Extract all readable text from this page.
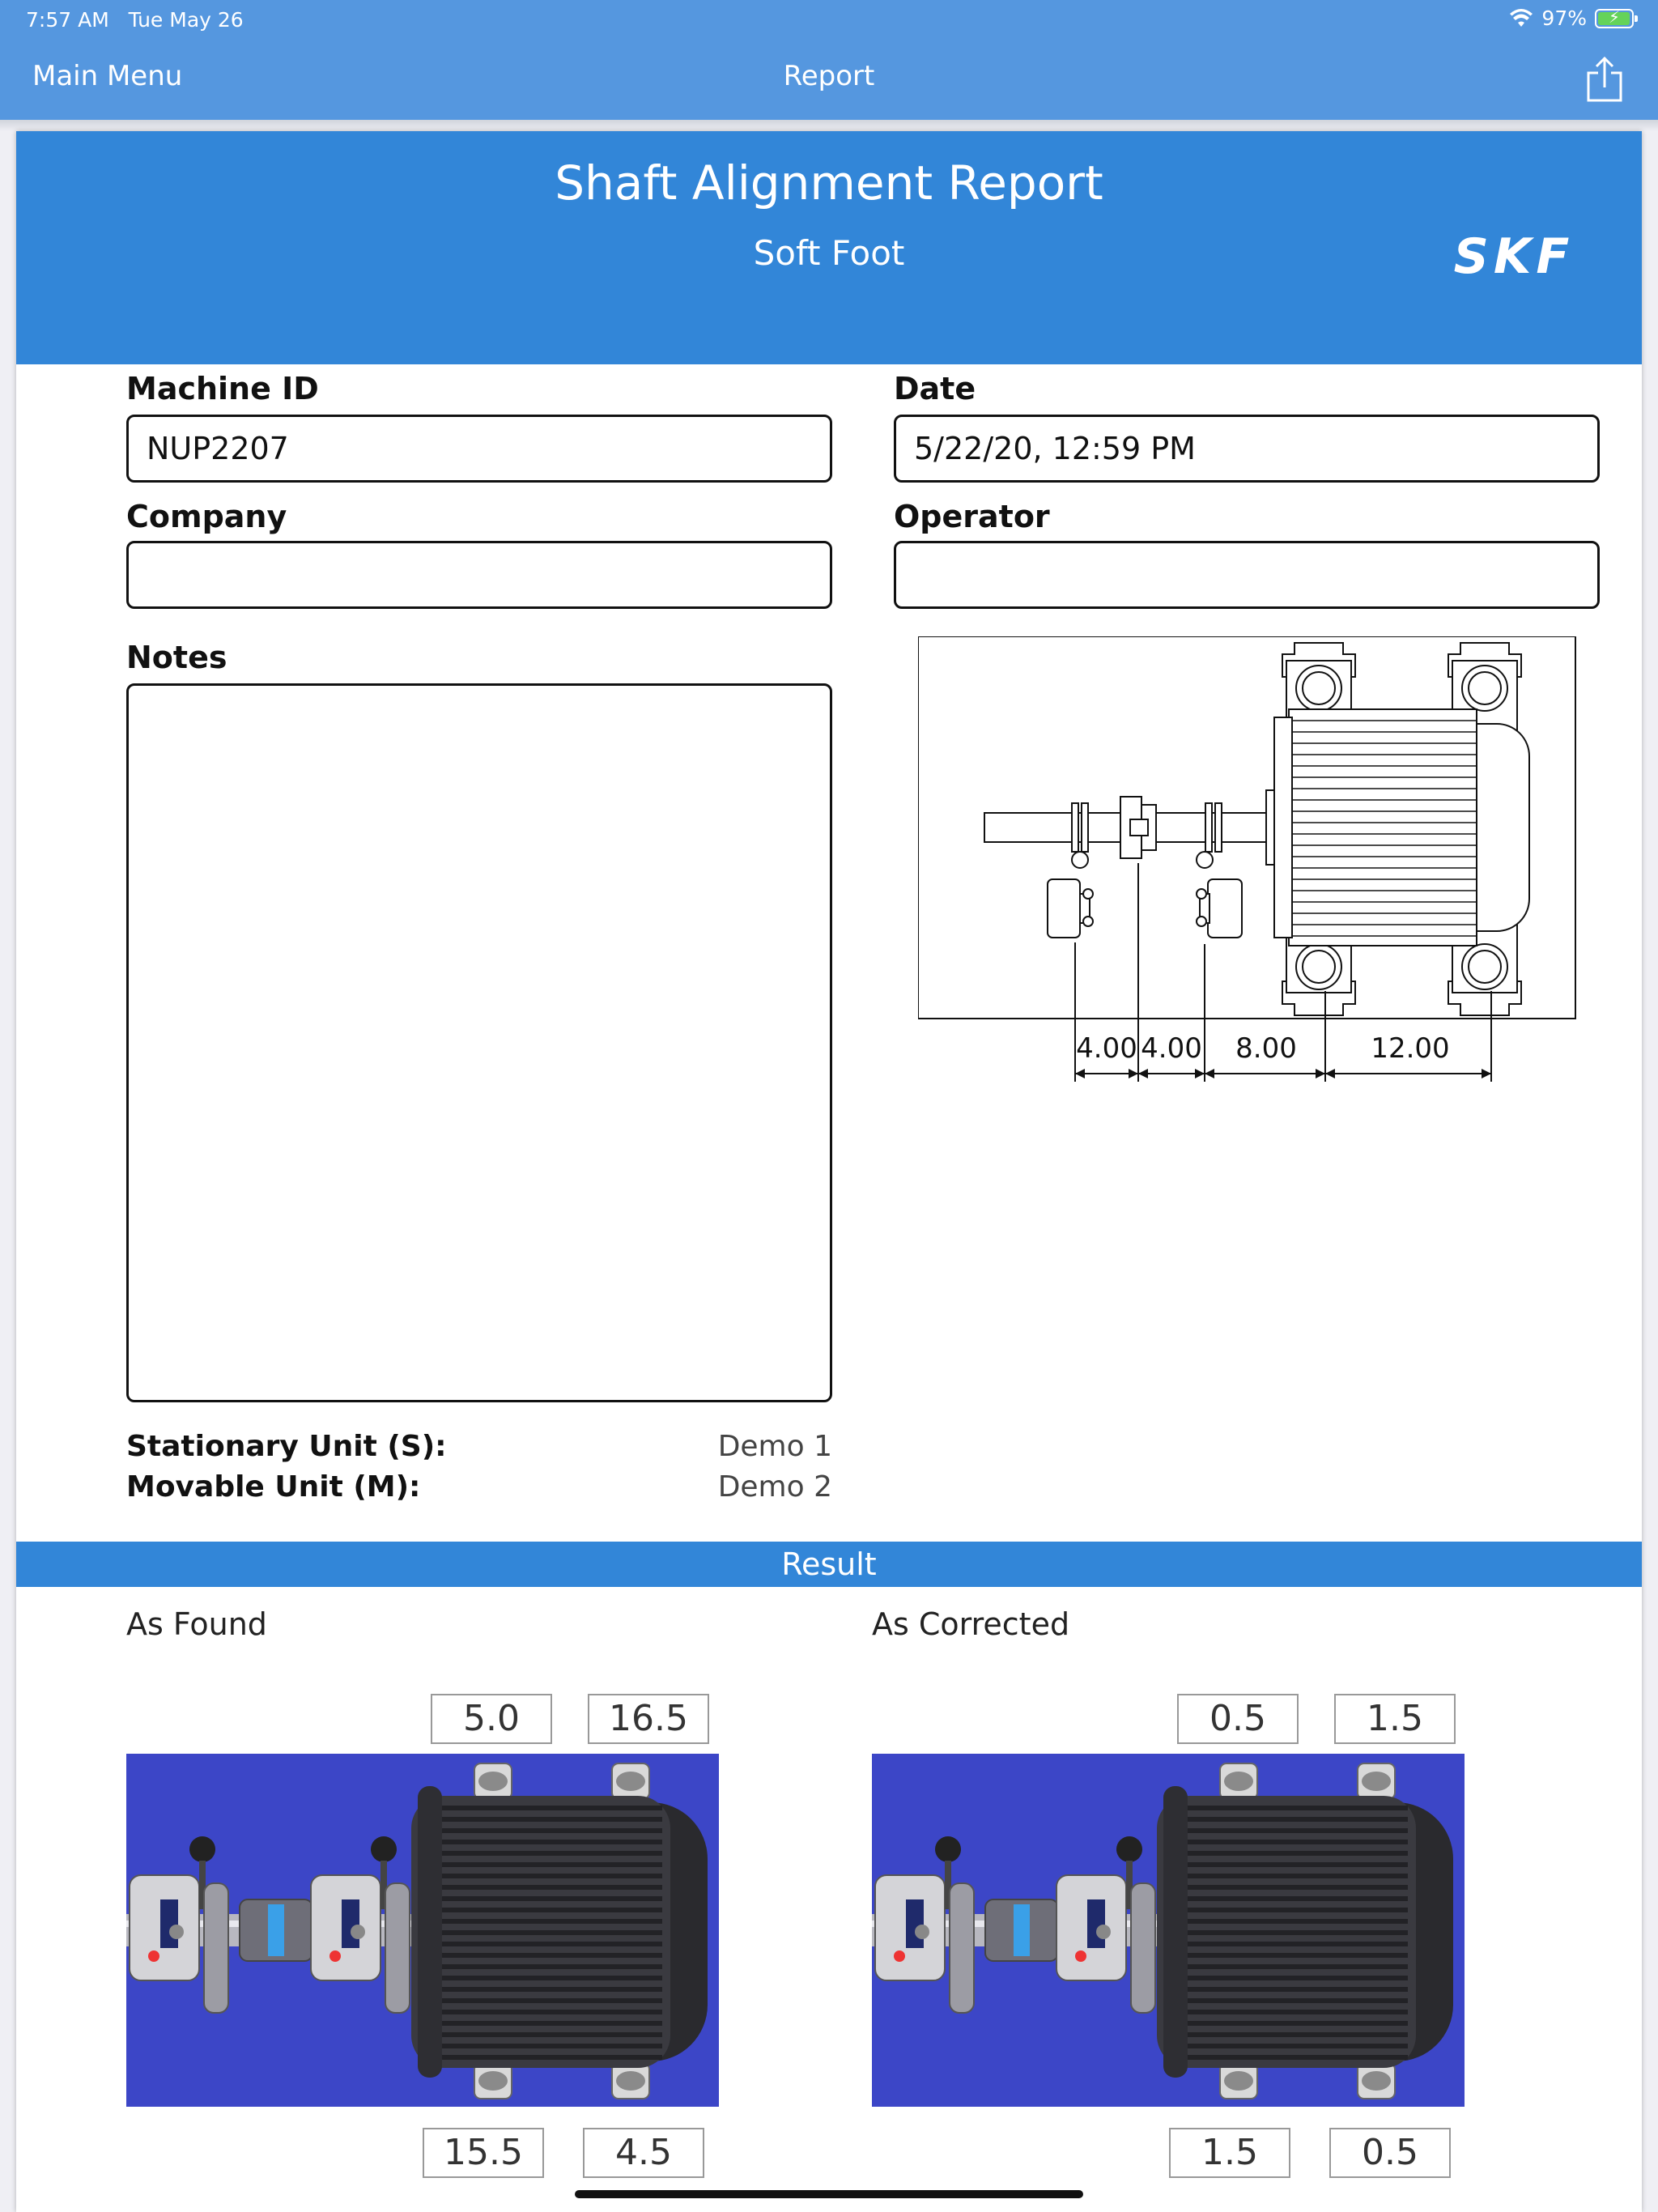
7:57 AM Tue May 26	97%	⚡
Main Menu	Report
Shaft Alignment Report
Soft Foot	SKF
Machine ID
NUP2207
Date
5/22/20, 12:59 PM
Company	Operator
Notes
Stationary Unit (S):	Demo 1
Movable Unit (M):	Demo 2
4.00 4.00 8.00	12.00
Result
As Found	As Corrected
5.0	16.5
15.5	4.5
0.5	1.5
1.5	0.5
